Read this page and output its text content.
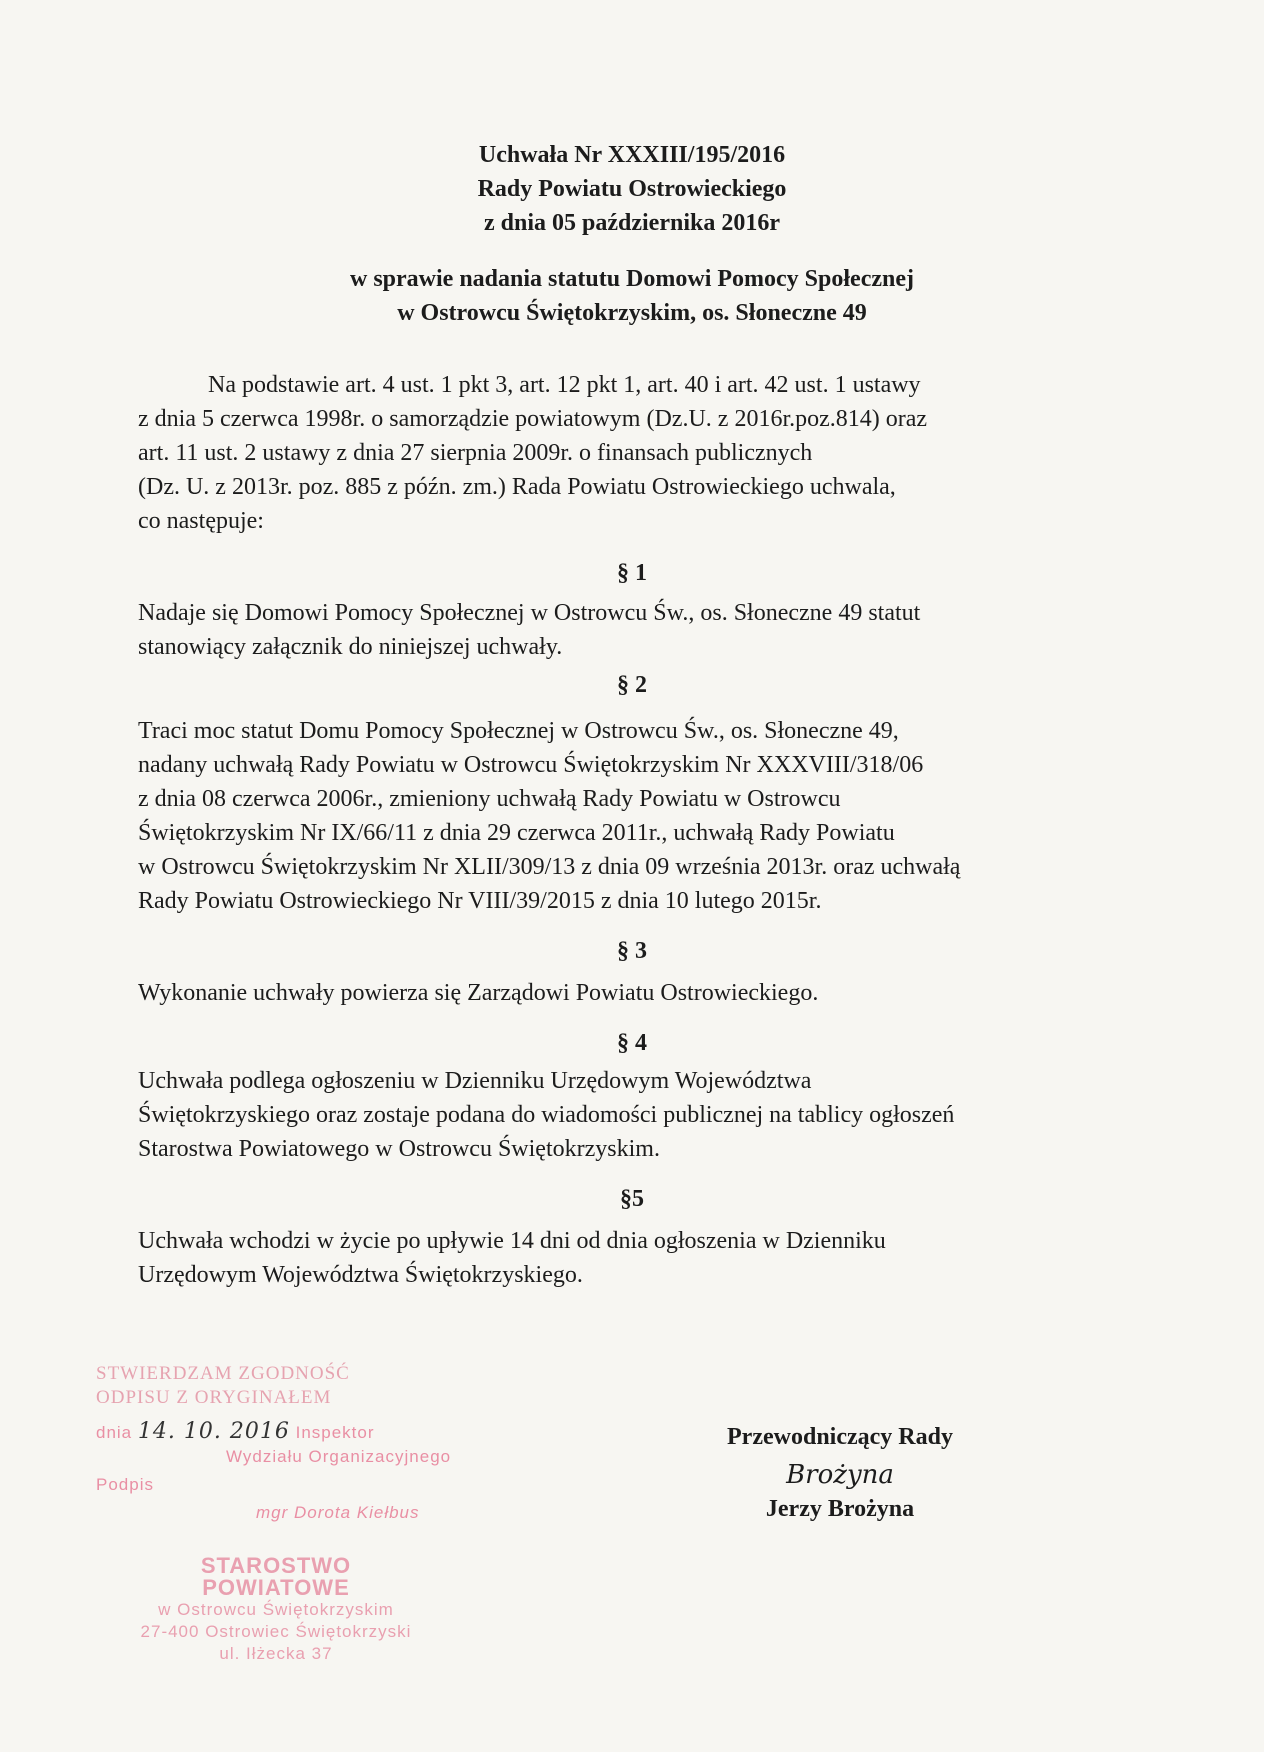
Uchwała Nr XXXIII/195/2016
Rady Powiatu Ostrowieckiego
z dnia 05 października 2016r
w sprawie nadania statutu Domowi Pomocy Społecznej
w Ostrowcu Świętokrzyskim, os. Słoneczne 49
Na podstawie art. 4 ust. 1 pkt 3, art. 12 pkt 1, art. 40 i art. 42 ust. 1 ustawy
z dnia 5 czerwca 1998r. o samorządzie powiatowym (Dz.U. z 2016r.poz.814) oraz
art. 11 ust. 2 ustawy z dnia 27 sierpnia 2009r. o finansach publicznych
(Dz. U. z 2013r. poz. 885 z późn. zm.) Rada Powiatu Ostrowieckiego uchwala,
co następuje:
§ 1
Nadaje się Domowi Pomocy Społecznej w Ostrowcu Św., os. Słoneczne 49 statut
stanowiący załącznik do niniejszej uchwały.
§ 2
Traci moc statut Domu Pomocy Społecznej w Ostrowcu Św., os. Słoneczne 49,
nadany uchwałą Rady Powiatu w Ostrowcu Świętokrzyskim Nr XXXVIII/318/06
z dnia 08 czerwca 2006r., zmieniony uchwałą Rady Powiatu w Ostrowcu
Świętokrzyskim Nr IX/66/11 z dnia 29 czerwca 2011r., uchwałą Rady Powiatu
w Ostrowcu Świętokrzyskim Nr XLII/309/13 z dnia 09 września 2013r. oraz uchwałą
Rady Powiatu Ostrowieckiego Nr VIII/39/2015 z dnia 10 lutego 2015r.
§ 3
Wykonanie uchwały powierza się Zarządowi Powiatu Ostrowieckiego.
§ 4
Uchwała podlega ogłoszeniu w Dzienniku Urzędowym Województwa
Świętokrzyskiego oraz zostaje podana do wiadomości publicznej na tablicy ogłoszeń
Starostwa Powiatowego w Ostrowcu Świętokrzyskim.
§5
Uchwała wchodzi w życie po upływie 14 dni od dnia ogłoszenia w Dzienniku
Urzędowym Województwa Świętokrzyskiego.
STWIERDZAM ZGODNOŚĆ
ODPISU Z ORYGINAŁEM
dnia 14. 10. 2016 Inspektor
Wydziału Organizacyjnego
Podpis
mgr Dorota Kiełbus
STAROSTWO POWIATOWE
w Ostrowcu Świętokrzyskim
27-400 Ostrowiec Świętokrzyski
ul. Iłżecka 37
Przewodniczący Rady
Brożyna
Jerzy Brożyna
